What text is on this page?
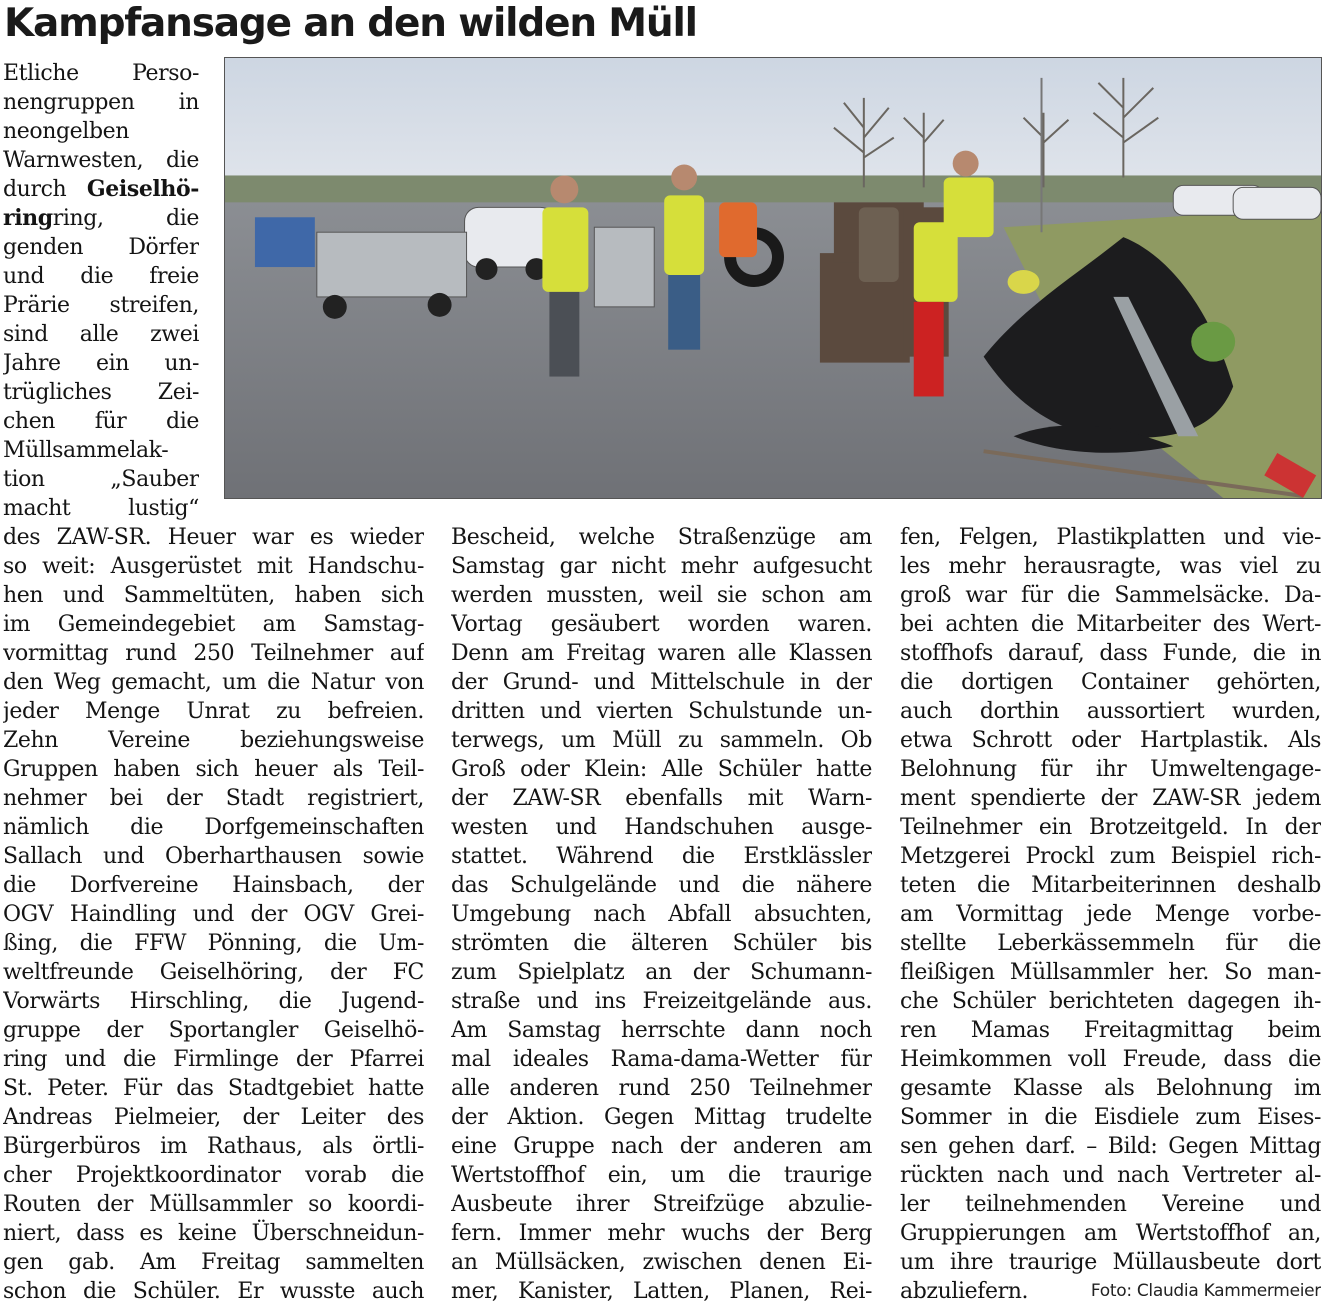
Kampfansage an den wilden Müll
Etliche Perso-
nengruppen in
neongelben
Warnwesten, die
durch Geiselhö-
ringring, die
genden Dörfer
und die freie
Prärie streifen,
sind alle zwei
Jahre ein un-
trügliches Zei-
chen für die
Müllsammelak-
tion „Sauber
macht lustig“
des ZAW-SR. Heuer war es wieder
so weit: Ausgerüstet mit Handschu-
hen und Sammeltüten, haben sich
im Gemeindegebiet am Samstag-
vormittag rund 250 Teilnehmer auf
den Weg gemacht, um die Natur von
jeder Menge Unrat zu befreien.
Zehn Vereine beziehungsweise
Gruppen haben sich heuer als Teil-
nehmer bei der Stadt registriert,
nämlich die Dorfgemeinschaften
Sallach und Oberharthausen sowie
die Dorfvereine Hainsbach, der
OGV Haindling und der OGV Grei-
ßing, die FFW Pönning, die Um-
weltfreunde Geiselhöring, der FC
Vorwärts Hirschling, die Jugend-
gruppe der Sportangler Geiselhö-
ring und die Firmlinge der Pfarrei
St. Peter. Für das Stadtgebiet hatte
Andreas Pielmeier, der Leiter des
Bürgerbüros im Rathaus, als örtli-
cher Projektkoordinator vorab die
Routen der Müllsammler so koordi-
niert, dass es keine Überschneidun-
gen gab. Am Freitag sammelten
schon die Schüler. Er wusste auch
Bescheid, welche Straßenzüge am
Samstag gar nicht mehr aufgesucht
werden mussten, weil sie schon am
Vortag gesäubert worden waren.
Denn am Freitag waren alle Klassen
der Grund- und Mittelschule in der
dritten und vierten Schulstunde un-
terwegs, um Müll zu sammeln. Ob
Groß oder Klein: Alle Schüler hatte
der ZAW-SR ebenfalls mit Warn-
westen und Handschuhen ausge-
stattet. Während die Erstklässler
das Schulgelände und die nähere
Umgebung nach Abfall absuchten,
strömten die älteren Schüler bis
zum Spielplatz an der Schumann-
straße und ins Freizeitgelände aus.
Am Samstag herrschte dann noch
mal ideales Rama-dama-Wetter für
alle anderen rund 250 Teilnehmer
der Aktion. Gegen Mittag trudelte
eine Gruppe nach der anderen am
Wertstoffhof ein, um die traurige
Ausbeute ihrer Streifzüge abzulie-
fern. Immer mehr wuchs der Berg
an Müllsäcken, zwischen denen Ei-
mer, Kanister, Latten, Planen, Rei-
fen, Felgen, Plastikplatten und vie-
les mehr herausragte, was viel zu
groß war für die Sammelsäcke. Da-
bei achten die Mitarbeiter des Wert-
stoffhofs darauf, dass Funde, die in
die dortigen Container gehörten,
auch dorthin aussortiert wurden,
etwa Schrott oder Hartplastik. Als
Belohnung für ihr Umweltengage-
ment spendierte der ZAW-SR jedem
Teilnehmer ein Brotzeitgeld. In der
Metzgerei Prockl zum Beispiel rich-
teten die Mitarbeiterinnen deshalb
am Vormittag jede Menge vorbe-
stellte Leberkässemmeln für die
fleißigen Müllsammler her. So man-
che Schüler berichteten dagegen ih-
ren Mamas Freitagmittag beim
Heimkommen voll Freude, dass die
gesamte Klasse als Belohnung im
Sommer in die Eisdiele zum Eises-
sen gehen darf. – Bild: Gegen Mittag
rückten nach und nach Vertreter al-
ler teilnehmenden Vereine und
Gruppierungen am Wertstoffhof an,
um ihre traurige Müllausbeute dort
abzuliefern.	Foto: Claudia Kammermeier
